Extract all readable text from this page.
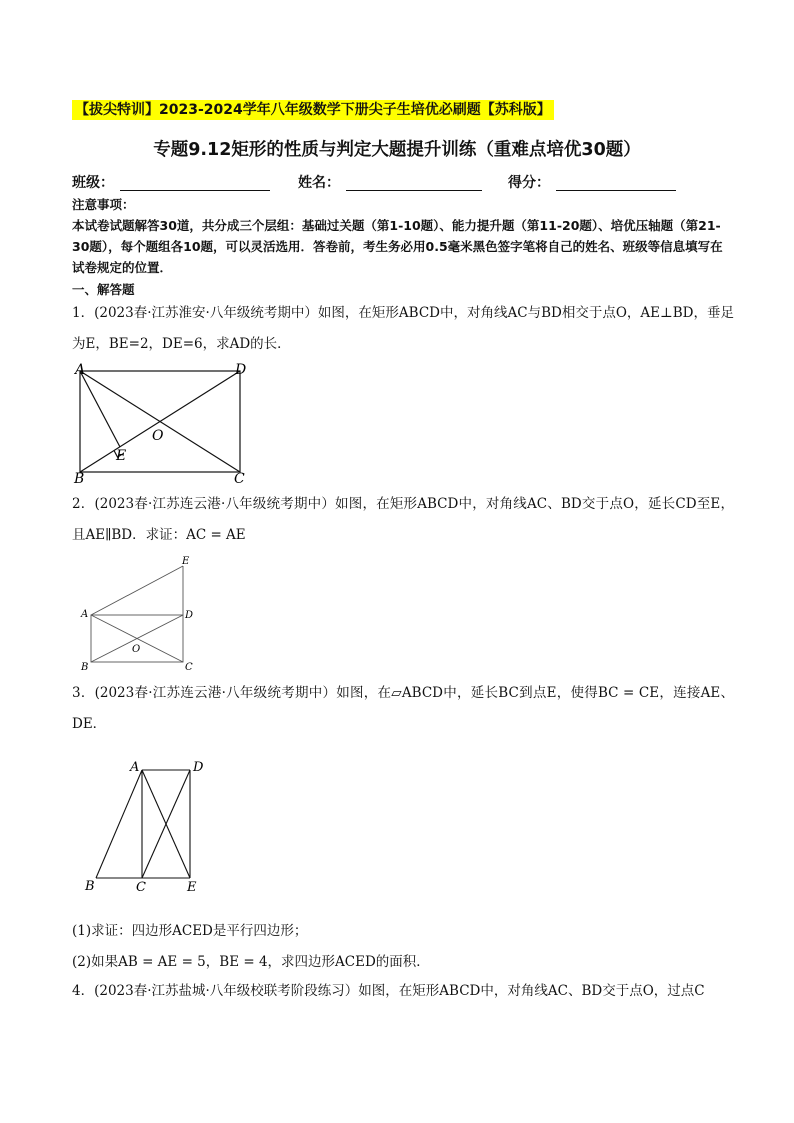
【拔尖特训】2023-2024学年八年级数学下册尖子生培优必刷题【苏科版】
专题9.12矩形的性质与判定大题提升训练（重难点培优30题）
班级：	姓名：	得分：
注意事项：
本试卷试题解答30道，共分成三个层组：基础过关题（第1-10题）、能力提升题（第11-20题）、培优压轴题（第21-30题），每个题组各10题，可以灵活选用．答卷前，考生务必用0.5毫米黑色签字笔将自己的姓名、班级等信息填写在试卷规定的位置．
一、解答题
1．(2023春·江苏淮安·八年级统考期中）如图，在矩形ABCD中，对角线AC与BD相交于点O，AE⊥BD，垂足为E，BE=2，DE=6，求AD的长．
A	D
O
E
B	C
2．(2023春·江苏连云港·八年级统考期中）如图，在矩形ABCD中，对角线AC、BD交于点O，延长CD至E，且AE∥BD．求证：AC = AE
E
A	D
O
B	C
3．(2023春·江苏连云港·八年级统考期中）如图，在▱ABCD中，延长BC到点E，使得BC = CE，连接AE、DE．
A	D
B	C	E
(1)求证：四边形ACED是平行四边形；
(2)如果AB = AE = 5，BE = 4，求四边形ACED的面积．
4．(2023春·江苏盐城·八年级校联考阶段练习）如图，在矩形ABCD中，对角线AC、BD交于点O，过点C
